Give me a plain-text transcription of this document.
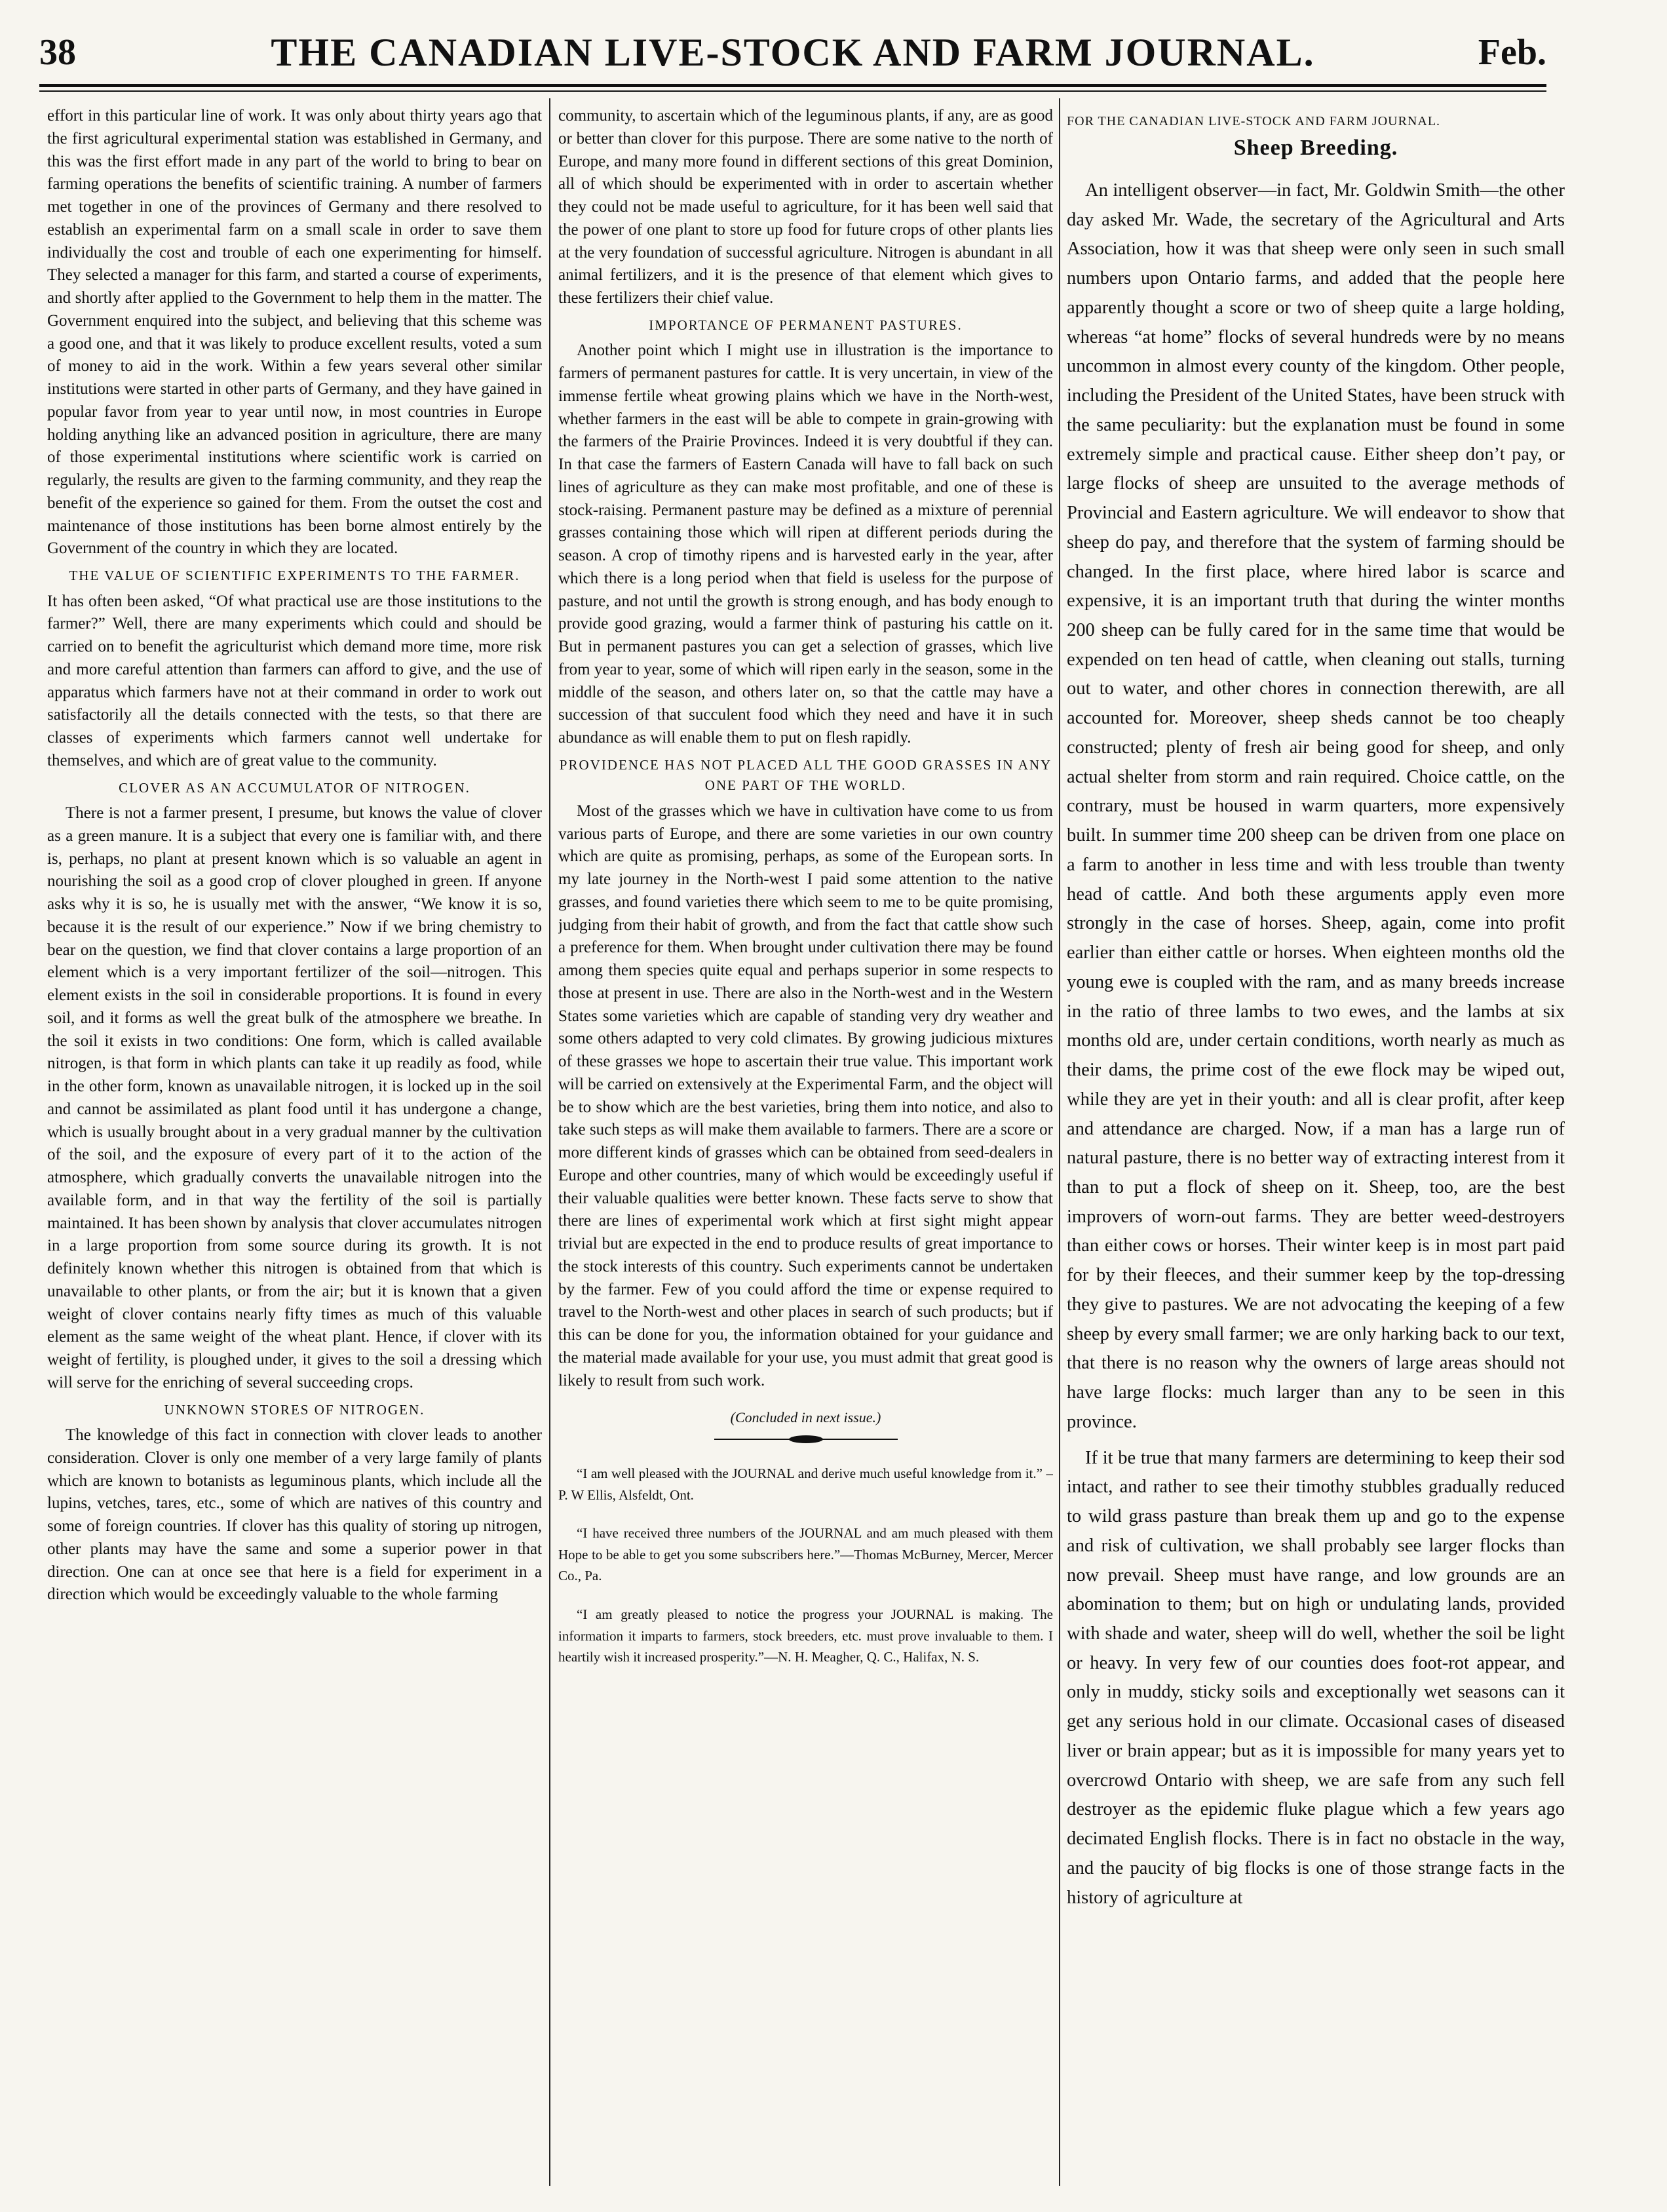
38	THE CANADIAN LIVE-STOCK AND FARM JOURNAL.	Feb.

effort in this particular line of work. It was only about thirty years ago that the first agricultural experimental station was established in Germany, and this was the first effort made in any part of the world to bring to bear on farming operations the benefits of scientific training. A number of farmers met together in one of the provinces of Germany and there resolved to establish an experimental farm on a small scale in order to save them individually the cost and trouble of each one experimenting for himself. They selected a manager for this farm, and started a course of experiments, and shortly after applied to the Government to help them in the matter. The Government enquired into the subject, and believing that this scheme was a good one, and that it was likely to produce excellent results, voted a sum of money to aid in the work. Within a few years several other similar institutions were started in other parts of Germany, and they have gained in popular favor from year to year until now, in most countries in Europe holding anything like an advanced position in agriculture, there are many of those experimental institutions where scientific work is carried on regularly, the results are given to the farming community, and they reap the benefit of the experience so gained for them. From the outset the cost and maintenance of those institutions has been borne almost entirely by the Government of the country in which they are located.

THE VALUE OF SCIENTIFIC EXPERIMENTS TO THE FARMER.

It has often been asked, “Of what practical use are those institutions to the farmer?” Well, there are many experiments which could and should be carried on to benefit the agriculturist which demand more time, more risk and more careful attention than farmers can afford to give, and the use of apparatus which farmers have not at their command in order to work out satisfactorily all the details connected with the tests, so that there are classes of experiments which farmers cannot well undertake for themselves, and which are of great value to the community.

CLOVER AS AN ACCUMULATOR OF NITROGEN.

There is not a farmer present, I presume, but knows the value of clover as a green manure. It is a subject that every one is familiar with, and there is, perhaps, no plant at present known which is so valuable an agent in nourishing the soil as a good crop of clover ploughed in green. If anyone asks why it is so, he is usually met with the answer, “We know it is so, because it is the result of our experience.” Now if we bring chemistry to bear on the question, we find that clover contains a large proportion of an element which is a very important fertilizer of the soil—nitrogen. This element exists in the soil in considerable proportions. It is found in every soil, and it forms as well the great bulk of the atmosphere we breathe. In the soil it exists in two conditions: One form, which is called available nitrogen, is that form in which plants can take it up readily as food, while in the other form, known as unavailable nitrogen, it is locked up in the soil and cannot be assimilated as plant food until it has undergone a change, which is usually brought about in a very gradual manner by the cultivation of the soil, and the exposure of every part of it to the action of the atmosphere, which gradually converts the unavailable nitrogen into the available form, and in that way the fertility of the soil is partially maintained. It has been shown by analysis that clover accumulates nitrogen in a large proportion from some source during its growth. It is not definitely known whether this nitrogen is obtained from that which is unavailable to other plants, or from the air; but it is known that a given weight of clover contains nearly fifty times as much of this valuable element as the same weight of the wheat plant. Hence, if clover with its weight of fertility, is ploughed under, it gives to the soil a dressing which will serve for the enriching of several succeeding crops.

UNKNOWN STORES OF NITROGEN.

The knowledge of this fact in connection with clover leads to another consideration. Clover is only one member of a very large family of plants which are known to botanists as leguminous plants, which include all the lupins, vetches, tares, etc., some of which are natives of this country and some of foreign countries. If clover has this quality of storing up nitrogen, other plants may have the same and some a superior power in that direction. One can at once see that here is a field for experiment in a direction which would be exceedingly valuable to the whole farming

community, to ascertain which of the leguminous plants, if any, are as good or better than clover for this purpose. There are some native to the north of Europe, and many more found in different sections of this great Dominion, all of which should be experimented with in order to ascertain whether they could not be made useful to agriculture, for it has been well said that the power of one plant to store up food for future crops of other plants lies at the very foundation of successful agriculture. Nitrogen is abundant in all animal fertilizers, and it is the presence of that element which gives to these fertilizers their chief value.

IMPORTANCE OF PERMANENT PASTURES.

Another point which I might use in illustration is the importance to farmers of permanent pastures for cattle. It is very uncertain, in view of the immense fertile wheat growing plains which we have in the North-west, whether farmers in the east will be able to compete in grain-growing with the farmers of the Prairie Provinces. Indeed it is very doubtful if they can. In that case the farmers of Eastern Canada will have to fall back on such lines of agriculture as they can make most profitable, and one of these is stock-raising. Permanent pasture may be defined as a mixture of perennial grasses containing those which will ripen at different periods during the season. A crop of timothy ripens and is harvested early in the year, after which there is a long period when that field is useless for the purpose of pasture, and not until the growth is strong enough, and has body enough to provide good grazing, would a farmer think of pasturing his cattle on it. But in permanent pastures you can get a selection of grasses, which live from year to year, some of which will ripen early in the season, some in the middle of the season, and others later on, so that the cattle may have a succession of that succulent food which they need and have it in such abundance as will enable them to put on flesh rapidly.

PROVIDENCE HAS NOT PLACED ALL THE GOOD GRASSES IN ANY ONE PART OF THE WORLD.

Most of the grasses which we have in cultivation have come to us from various parts of Europe, and there are some varieties in our own country which are quite as promising, perhaps, as some of the European sorts. In my late journey in the North-west I paid some attention to the native grasses, and found varieties there which seem to me to be quite promising, judging from their habit of growth, and from the fact that cattle show such a preference for them. When brought under cultivation there may be found among them species quite equal and perhaps superior in some respects to those at present in use. There are also in the North-west and in the Western States some varieties which are capable of standing very dry weather and some others adapted to very cold climates. By growing judicious mixtures of these grasses we hope to ascertain their true value. This important work will be carried on extensively at the Experimental Farm, and the object will be to show which are the best varieties, bring them into notice, and also to take such steps as will make them available to farmers. There are a score or more different kinds of grasses which can be obtained from seed-dealers in Europe and other countries, many of which would be exceedingly useful if their valuable qualities were better known. These facts serve to show that there are lines of experimental work which at first sight might appear trivial but are expected in the end to produce results of great importance to the stock interests of this country. Such experiments cannot be undertaken by the farmer. Few of you could afford the time or expense required to travel to the North-west and other places in search of such products; but if this can be done for you, the information obtained for your guidance and the material made available for your use, you must admit that great good is likely to result from such work.

(Concluded in next issue.)

“I am well pleased with the JOURNAL and derive much useful knowledge from it.” –P. W Ellis, Alsfeldt, Ont.

“I have received three numbers of the JOURNAL and am much pleased with them Hope to be able to get you some subscribers here.”—Thomas McBurney, Mercer, Mercer Co., Pa.

“I am greatly pleased to notice the progress your JOURNAL is making. The information it imparts to farmers, stock breeders, etc. must prove invaluable to them. I heartily wish it increased prosperity.”—N. H. Meagher, Q. C., Halifax, N. S.

FOR THE CANADIAN LIVE-STOCK AND FARM JOURNAL.
Sheep Breeding.

An intelligent observer—in fact, Mr. Goldwin Smith—the other day asked Mr. Wade, the secretary of the Agricultural and Arts Association, how it was that sheep were only seen in such small numbers upon Ontario farms, and added that the people here apparently thought a score or two of sheep quite a large holding, whereas “at home” flocks of several hundreds were by no means uncommon in almost every county of the kingdom. Other people, including the President of the United States, have been struck with the same peculiarity: but the explanation must be found in some extremely simple and practical cause. Either sheep don’t pay, or large flocks of sheep are unsuited to the average methods of Provincial and Eastern agriculture. We will endeavor to show that sheep do pay, and therefore that the system of farming should be changed. In the first place, where hired labor is scarce and expensive, it is an important truth that during the winter months 200 sheep can be fully cared for in the same time that would be expended on ten head of cattle, when cleaning out stalls, turning out to water, and other chores in connection therewith, are all accounted for. Moreover, sheep sheds cannot be too cheaply constructed; plenty of fresh air being good for sheep, and only actual shelter from storm and rain required. Choice cattle, on the contrary, must be housed in warm quarters, more expensively built. In summer time 200 sheep can be driven from one place on a farm to another in less time and with less trouble than twenty head of cattle. And both these arguments apply even more strongly in the case of horses. Sheep, again, come into profit earlier than either cattle or horses. When eighteen months old the young ewe is coupled with the ram, and as many breeds increase in the ratio of three lambs to two ewes, and the lambs at six months old are, under certain conditions, worth nearly as much as their dams, the prime cost of the ewe flock may be wiped out, while they are yet in their youth: and all is clear profit, after keep and attendance are charged. Now, if a man has a large run of natural pasture, there is no better way of extracting interest from it than to put a flock of sheep on it. Sheep, too, are the best improvers of worn-out farms. They are better weed-destroyers than either cows or horses. Their winter keep is in most part paid for by their fleeces, and their summer keep by the top-dressing they give to pastures. We are not advocating the keeping of a few sheep by every small farmer; we are only harking back to our text, that there is no reason why the owners of large areas should not have large flocks: much larger than any to be seen in this province.

If it be true that many farmers are determining to keep their sod intact, and rather to see their timothy stubbles gradually reduced to wild grass pasture than break them up and go to the expense and risk of cultivation, we shall probably see larger flocks than now prevail. Sheep must have range, and low grounds are an abomination to them; but on high or undulating lands, provided with shade and water, sheep will do well, whether the soil be light or heavy. In very few of our counties does foot-rot appear, and only in muddy, sticky soils and exceptionally wet seasons can it get any serious hold in our climate. Occasional cases of diseased liver or brain appear; but as it is impossible for many years yet to overcrowd Ontario with sheep, we are safe from any such fell destroyer as the epidemic fluke plague which a few years ago decimated English flocks. There is in fact no obstacle in the way, and the paucity of big flocks is one of those strange facts in the history of agriculture at
